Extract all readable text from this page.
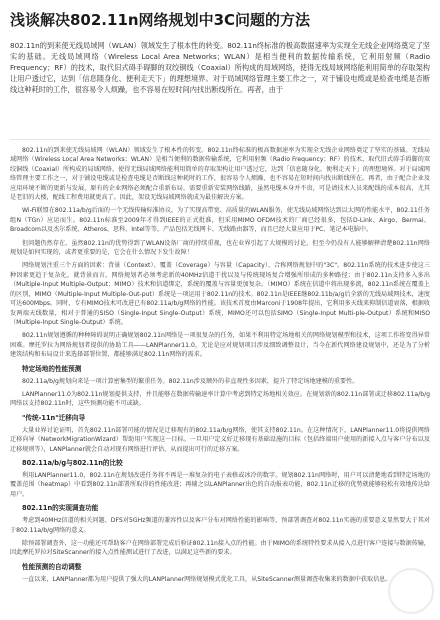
浅谈解决802.11n网络规划中3C问题的方法
802.11n的到来使无线局域网（WLAN）领域发生了根本性的转变。802.11n终标准的极高数据速率为实现全无线企业网络奠定了坚实的基础。无线局域网络（Wireless Local Area Networks；WLAN）是相当便利的数据传输系统，它利用射频（Radio Frequency；RF）的技术，取代旧式碍手碍脚的双绞铜线（Coaxial）所构成的局域网络，使得无线局域网络能利用简单的存取架构让用户透过它，达到「信息随身化、便利走天下」的理想境界。对于局域网络管理主要工作之一，对于铺设电缆或是检查电缆是否断线这种耗时的工作，很容易令人烦躁，也不容易在短时间内找出断线所在。再者，由于

802.11n的到来使无线局域网（WLAN）领域发生了根本性的转变。802.11n终标准的极高数据速率为实现全无线企业网络奠定了坚实的基础。无线局域网络（Wireless Local Area Networks；WLAN）是相当便利的数据传输系统，它利用射频（Radio Frequency；RF）的技术，取代旧式碍手碍脚的双绞铜线（Coaxial）所构成的局域网络，使得无线局域网络能利用简单的存取架构让用户透过它，达到「信息随身化、便利走天下」的理想境界。对于局域网络管理主要工作之一，对于铺设电缆或是检查电缆是否断线这种耗时的工作，很容易令人烦躁，也不容易在短时间内找出断线所在。再者，由于配合企业及应用环境不断的更新与发展，原有的企业网络必须配合重新布局，需要重新安装网络线路，虽然电缆本身并不贵，可是请技术人员来配线的成本很高，尤其是老旧的大楼，配线工程费用就更高了。因此，架设无线局域网络就成为最佳解决方案。

Wi-Fi联盟在802.11a/b/g后面的一个无线传输标准协议，为了实现高带宽、高质量的WLAN服务，使无线局域网络达到以太网的性能水平，802.11任务组N（TGn）应运而生。802.11n标准至2009年才得到IEEE的正式批准，但采用MIMO OFDM技术的厂商已经很多，包括D-Link、Airgo、Bermai、Broadcom以及杰尔系统、Atheros、思科、Intel等等，产品包括无线网卡、无线路由器等，而且已经大量应用于PC、笔记本电脑中。

但问题仍然存在，虽然802.11n的优势得到了WLAN设备厂商的持续重视，也在业界引起了大规模的讨论，但至今仍没有人能够解释清楚802.11n网络规划是如何实现的，或者更重要的是，它会在什么情况下发生故障！

网络规划注重三个方面的因素：背景（Context）、覆盖（Coverage）与容量（Capacity），合称网络规划中的"3C"。802.11n系统的技术进步使这三种因素更趋于复杂化，就背景而言，网络规划者必须考虑新的40MHz信道干扰以及与传统现场复合增强所形成的多种路径；由于802.11n支持多入多出（Multiple-Input Multiple-Output；MIMO）技术和信道绑定，系统的覆盖与容量更加复杂。（MIMO）系统在信道中将出现多流，802.11n系统在覆盖上的区别，MIMO（Multiple-Input Multiple-Out-put）系统是一项运用于802.11n的技术。802.11n是IEEE继802.11b/a/g后全新的无线局域网技术，速度可达600Mbps。同时，专有MIMO技术可改进已有802.11a/b/g网络的性能。该技术首度由Marconi于1908年提出，它利用多天线来抑制信道衰落，根据收发两端天线数量，相对于普通的SISO（Single-Input Single-Output）系统，MIMO还可以包括SIMO（Single-Input Multi-ple-Output）系统和MISO（Multiple-Input Single-Output）系统。

802.11n规划遵循的种种障碍说明正确规划802.11n网络是一项很复杂的任务，如果不利用特定场地相关的网络规划模型和技术，这项工作将变得异常困难。摩托罗拉为网络规划者提供的协助工具——LANPlanner11.0，无论是应对规划项目涉及细致调整设计，当今在新代网络建设规划中，还是为了分析建筑结构和布局设计来选择部署位置，都能够满足802.11n网络的需求。

特定场地的性能预测

802.11a/b/g规划向来是一项计算密集型的繁重任务。802.11n涉及额外的非直观性多因素，提升了特定场地建模的重要性。

LANPlanner11.0为802.11n规划提供支持，并且能够在数据传输速率计算中考虑到特定场地相关效应。在规划新的802.11n部署或迁移802.11a/b/g网络以支持802.11n时，这些预测功能不可或缺。

"传统-11n"迁移向导

大量业界讨论证明，首先802.11n部署可能的情况是迁移现有的802.11a/b/g网络，使其支持802.11n。在这种情况下，LANPlanner11.0将提供网络迁移向导（NetworkMigrationWizard）帮助用户实现这一目标。一旦用户定义好迁移现有基础设施的目标（包括终端用户使用的新接入点与客户分布以及迁移规则等），LANPlanner就会自动对现有网络进行评估，从而提出可行的迁移方案。

802.11a/b/g与802.11n的比较

利用LANPlanner11.0，802.11n在规划改进任务将不再是一堆复杂的电子表格或冰冷的数字。规划802.11n网络时，用户可以清楚地看到特定场地的覆盖范围（heatmap）中看到802.11n部署所取得的性能改进；再辅之以LANPlanner出色的自动报表功能，802.11n迁移的优势就能够轻松有效地传达给用户。

802.11n的实现调查功能

考虑到40MHz信道的相关问题、DFS对5GHz频道的兼容性以及客户分布对网络性能的影响等，预部署调查对802.11n实施的重要意义显然要大于其对于802.11a/b/g网络的意义。

除预部署调查外，这一功能还可帮助客户在网络部署完成后验证802.11n接入点的性能。由于MIMO的系统特性要求从接入点进行客户连接与数据传输，因此摩托罗拉对SiteScanner的接入点性能测试进行了改进，以满足这些新的要求。

性能预测的自动调整

一直以来，LANPlanner都为用户提供了强大的LANPlanner网络规划模式优化工具，从SiteScanner测量调查收集来的数据中获取信息。
